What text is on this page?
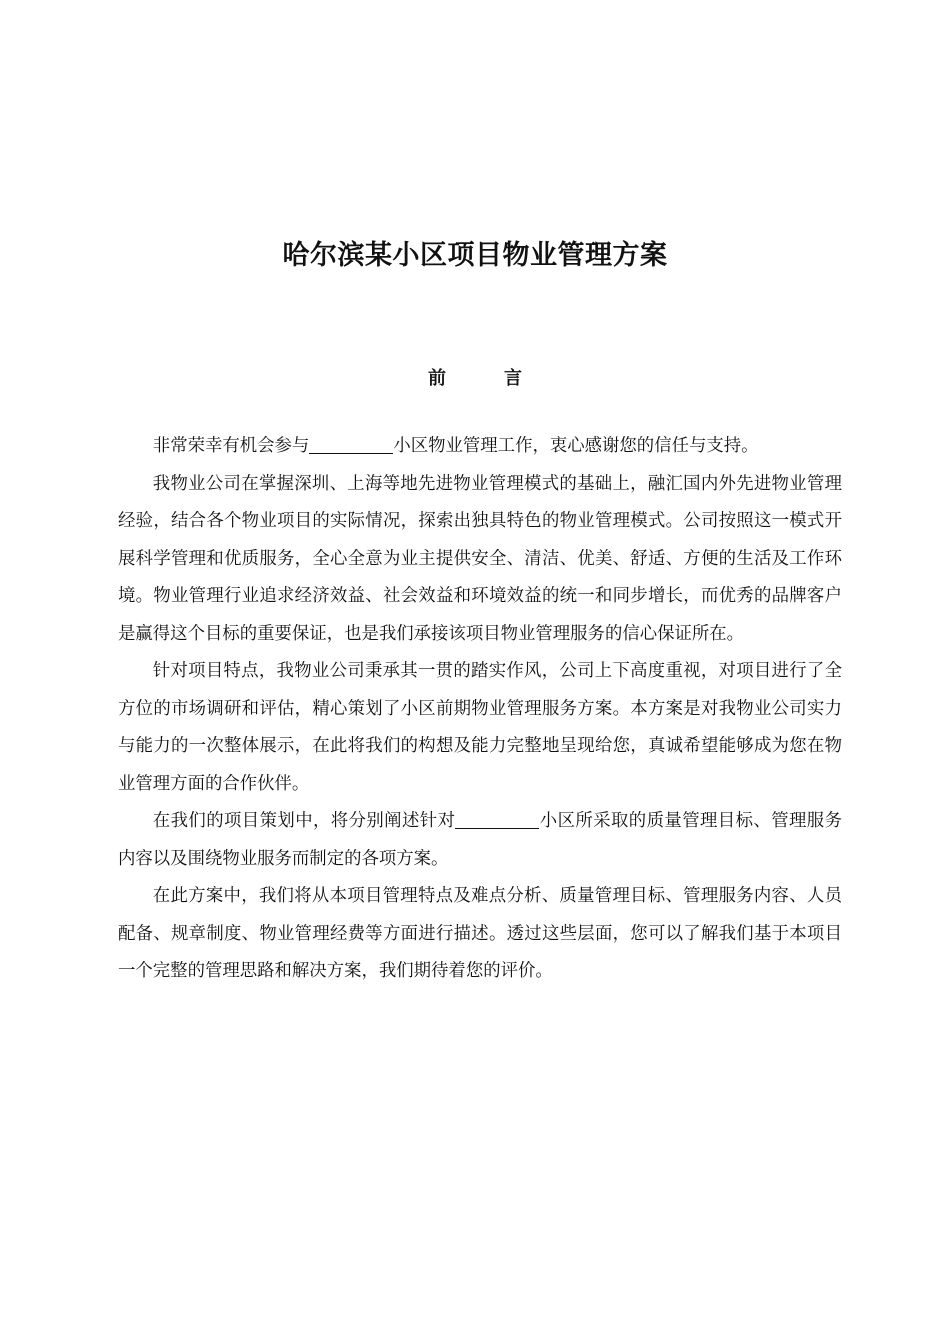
哈尔滨某小区项目物业管理方案
前	言

非常荣幸有机会参与	小区物业管理工作，衷心感谢您的信任与支持。

我物业公司在掌握深圳、上海等地先进物业管理模式的基础上，融汇国内外先进物业管理经验，结合各个物业项目的实际情况，探索出独具特色的物业管理模式。公司按照这一模式开展科学管理和优质服务，全心全意为业主提供安全、清洁、优美、舒适、方便的生活及工作环境。物业管理行业追求经济效益、社会效益和环境效益的统一和同步增长，而优秀的品牌客户是赢得这个目标的重要保证，也是我们承接该项目物业管理服务的信心保证所在。

针对项目特点，我物业公司秉承其一贯的踏实作风，公司上下高度重视，对项目进行了全方位的市场调研和评估，精心策划了小区前期物业管理服务方案。本方案是对我物业公司实力与能力的一次整体展示，在此将我们的构想及能力完整地呈现给您，真诚希望能够成为您在物业管理方面的合作伙伴。

在我们的项目策划中，将分别阐述针对	小区所采取的质量管理目标、管理服务内容以及围绕物业服务而制定的各项方案。

在此方案中，我们将从本项目管理特点及难点分析、质量管理目标、管理服务内容、人员配备、规章制度、物业管理经费等方面进行描述。透过这些层面，您可以了解我们基于本项目一个完整的管理思路和解决方案，我们期待着您的评价。
